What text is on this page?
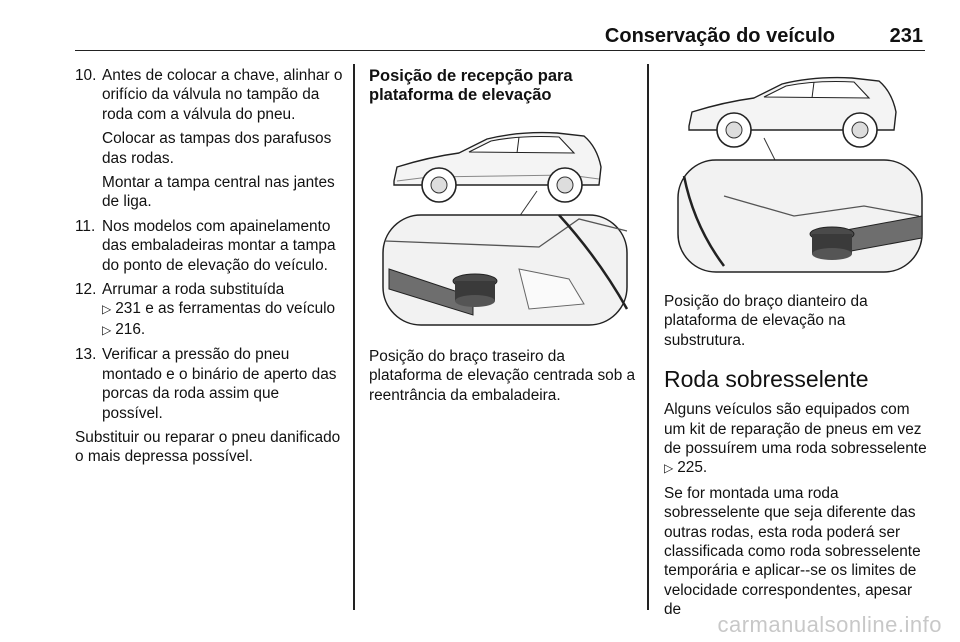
Conservação do veículo	231
10. Antes de colocar a chave, alinhar o orifício da válvula no tampão da roda com a válvula do pneu.

Colocar as tampas dos parafusos das rodas.

Montar a tampa central nas jantes de liga.

11. Nos modelos com apainelamento das embaladeiras montar a tampa do ponto de elevação do veículo.

12. Arrumar a roda substituída
▷ 231 e as ferramentas do veículo ▷ 216.

13. Verificar a pressão do pneu montado e o binário de aperto das porcas da roda assim que possível.

Substituir ou reparar o pneu danificado o mais depressa possível.

Posição de recepção para plataforma de elevação

Posição do braço traseiro da plataforma de elevação centrada sob a reentrância da embaladeira.

Posição do braço dianteiro da plataforma de elevação na substrutura.

Roda sobresselente

Alguns veículos são equipados com um kit de reparação de pneus em vez de possuírem uma roda sobresselente ▷ 225.

Se for montada uma roda sobresselente que seja diferente das outras rodas, esta roda poderá ser classificada como roda sobresselente temporária e aplicar--se os limites de velocidade correspondentes, apesar de

carmanualsonline.info
